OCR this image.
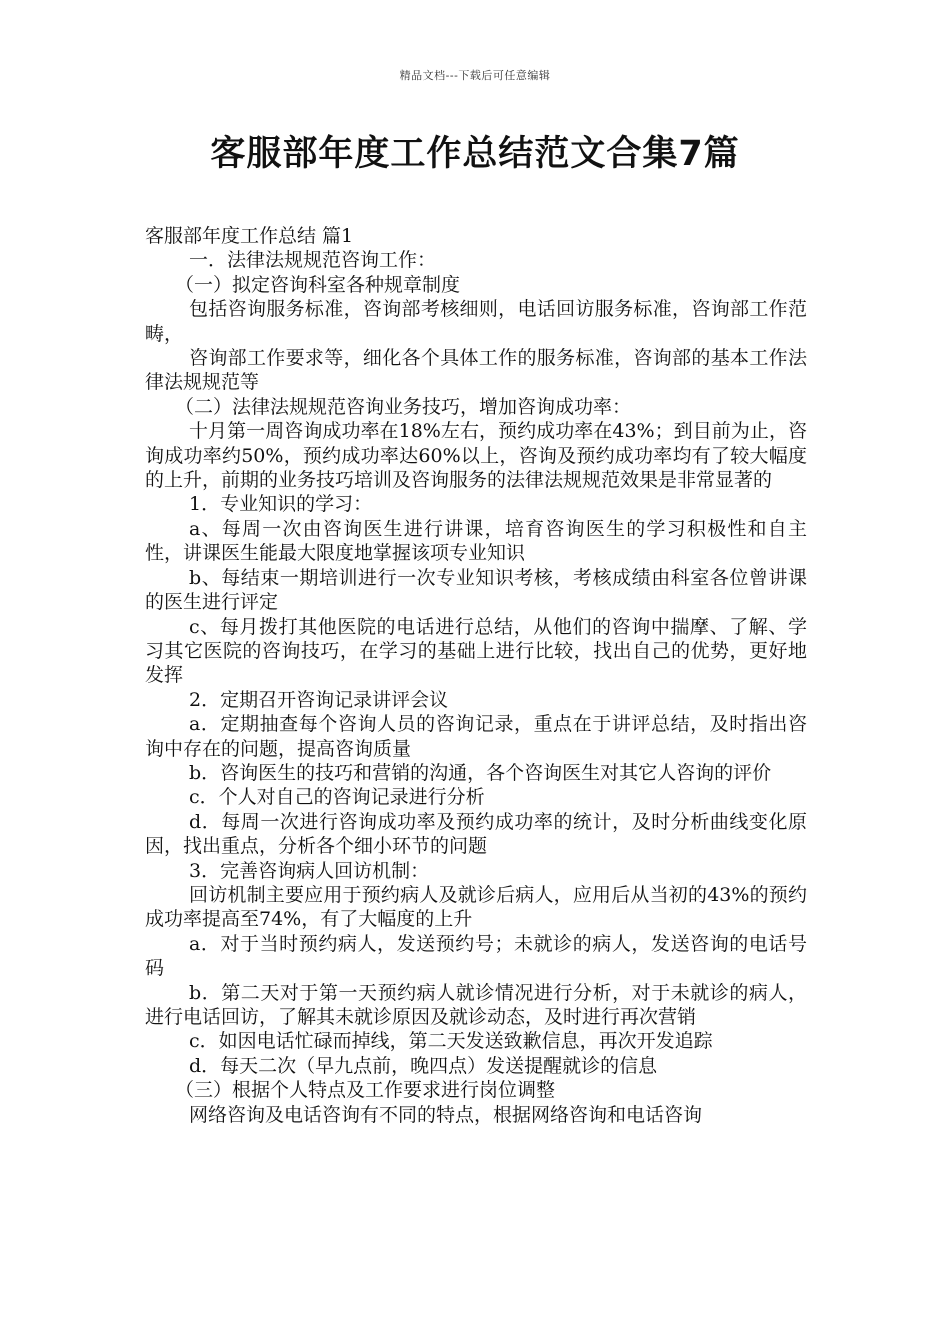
精品文档---下载后可任意编辑
客服部年度工作总结范文合集7篇

客服部年度工作总结 篇1

一．法律法规规范咨询工作：

（一）拟定咨询科室各种规章制度

包括咨询服务标准，咨询部考核细则，电话回访服务标准，咨询部工作范畴，

咨询部工作要求等，细化各个具体工作的服务标准，咨询部的基本工作法律法规规范等

（二）法律法规规范咨询业务技巧，增加咨询成功率：

十月第一周咨询成功率在18%左右，预约成功率在43%；到目前为止，咨询成功率约50%，预约成功率达60%以上，咨询及预约成功率均有了较大幅度的上升，前期的业务技巧培训及咨询服务的法律法规规范效果是非常显著的

1．专业知识的学习：

a、每周一次由咨询医生进行讲课，培育咨询医生的学习积极性和自主性，讲课医生能最大限度地掌握该项专业知识

b、每结束一期培训进行一次专业知识考核，考核成绩由科室各位曾讲课的医生进行评定

c、每月拨打其他医院的电话进行总结，从他们的咨询中揣摩、了解、学习其它医院的咨询技巧，在学习的基础上进行比较，找出自己的优势，更好地发挥

2．定期召开咨询记录讲评会议

a．定期抽查每个咨询人员的咨询记录，重点在于讲评总结，及时指出咨询中存在的问题，提高咨询质量

b．咨询医生的技巧和营销的沟通，各个咨询医生对其它人咨询的评价

c．个人对自己的咨询记录进行分析

d．每周一次进行咨询成功率及预约成功率的统计，及时分析曲线变化原因，找出重点，分析各个细小环节的问题

3．完善咨询病人回访机制：

回访机制主要应用于预约病人及就诊后病人，应用后从当初的43%的预约成功率提高至74%，有了大幅度的上升

a．对于当时预约病人，发送预约号；未就诊的病人，发送咨询的电话号码

b．第二天对于第一天预约病人就诊情况进行分析，对于未就诊的病人，进行电话回访，了解其未就诊原因及就诊动态，及时进行再次营销

c．如因电话忙碌而掉线，第二天发送致歉信息，再次开发追踪

d．每天二次（早九点前，晚四点）发送提醒就诊的信息

（三）根据个人特点及工作要求进行岗位调整

网络咨询及电话咨询有不同的特点，根据网络咨询和电话咨询
